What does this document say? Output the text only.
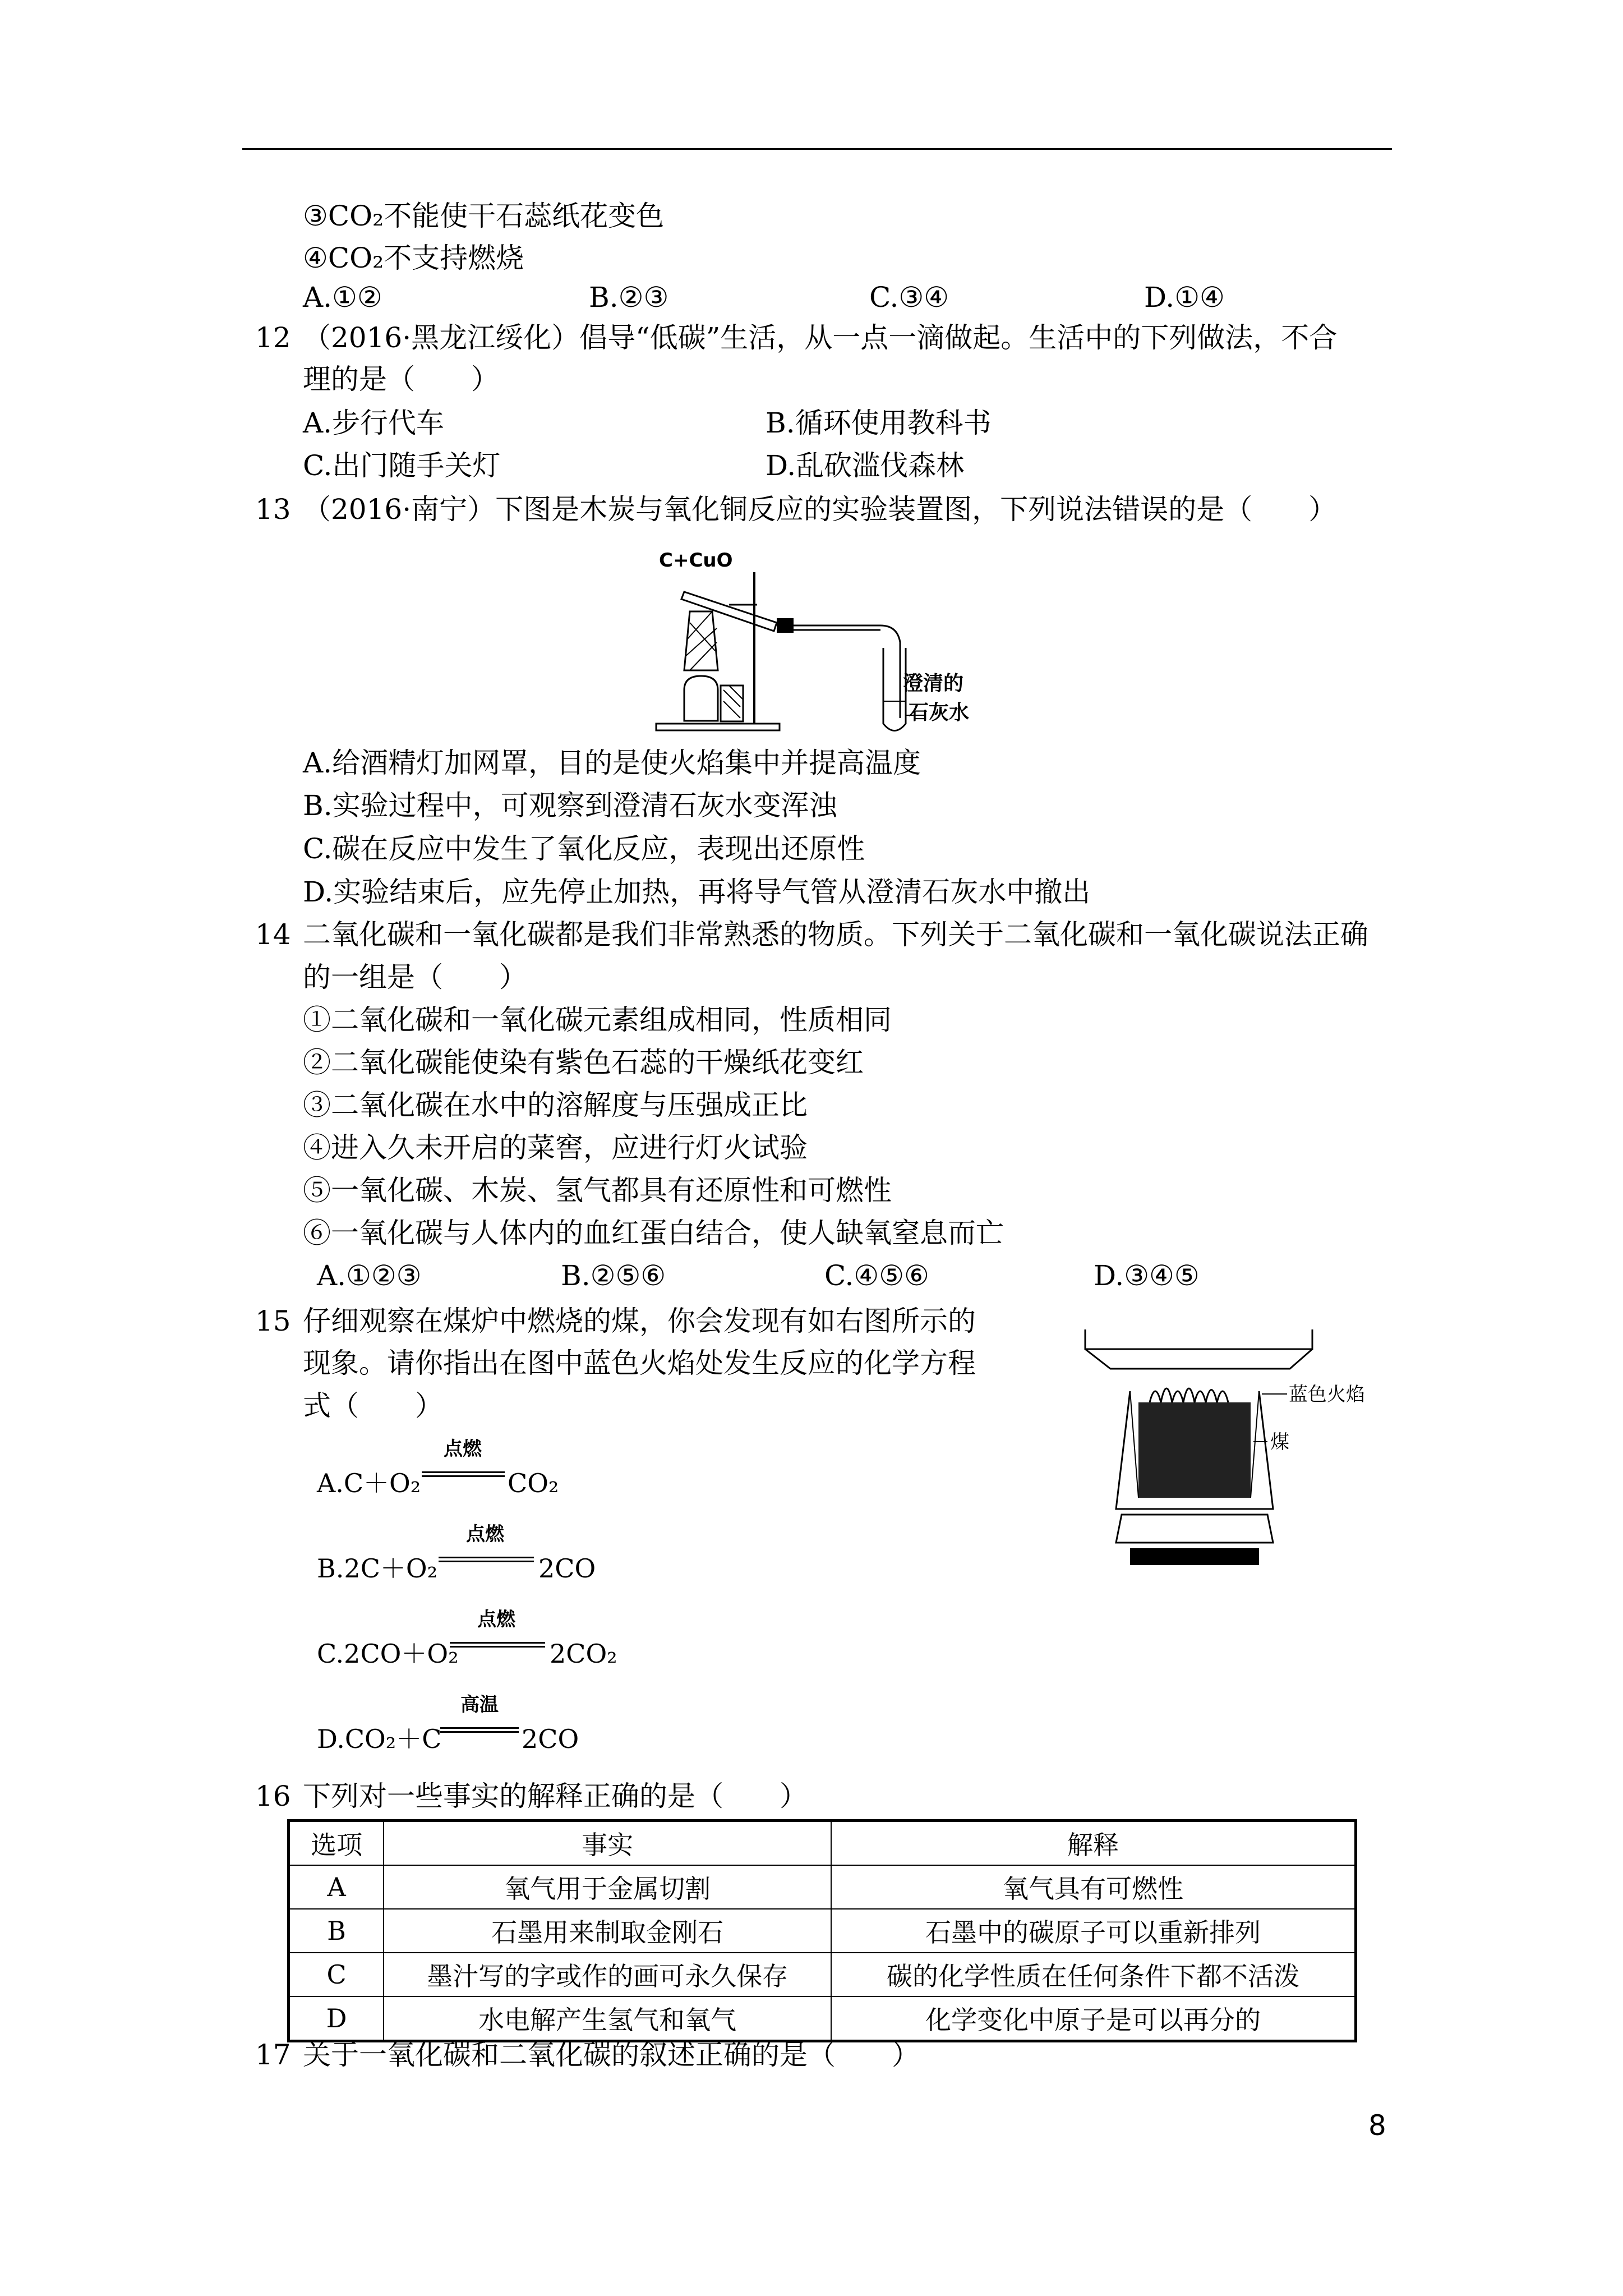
③CO₂不能使干石蕊纸花变色
④CO₂不支持燃烧
A.①②	B.②③	C.③④	D.①④
12 （2016·黑龙江绥化）倡导“低碳”生活，从一点一滴做起。生活中的下列做法，不合
理的是（　　）
A.步行代车	B.循环使用教科书
C.出门随手关灯	D.乱砍滥伐森林
13 （2016·南宁）下图是木炭与氧化铜反应的实验装置图，下列说法错误的是（　　）
C+CuO
澄清的
石灰水
A.给酒精灯加网罩，目的是使火焰集中并提高温度
B.实验过程中，可观察到澄清石灰水变浑浊
C.碳在反应中发生了氧化反应，表现出还原性
D.实验结束后，应先停止加热，再将导气管从澄清石灰水中撤出
14 二氧化碳和一氧化碳都是我们非常熟悉的物质。下列关于二氧化碳和一氧化碳说法正确
的一组是（　　）
①二氧化碳和一氧化碳元素组成相同，性质相同
②二氧化碳能使染有紫色石蕊的干燥纸花变红
③二氧化碳在水中的溶解度与压强成正比
④进入久未开启的菜窖，应进行灯火试验
⑤一氧化碳、木炭、氢气都具有还原性和可燃性
⑥一氧化碳与人体内的血红蛋白结合，使人缺氧窒息而亡
A.①②③	B.②⑤⑥	C.④⑤⑥	D.③④⑤
15 仔细观察在煤炉中燃烧的煤，你会发现有如右图所示的
现象。请你指出在图中蓝色火焰处发生反应的化学方程
式（　　）	蓝色火焰
煤
A.C＋O₂
点燃
CO₂
B.2C＋O₂
点燃
2CO
C.2CO＋O₂
点燃
2CO₂
D.CO₂＋C
高温
2CO
16 下列对一些事实的解释正确的是（　　）
选项	事实	解释
A	氧气用于金属切割	氧气具有可燃性
B	石墨用来制取金刚石	石墨中的碳原子可以重新排列
C	墨汁写的字或作的画可永久保存	碳的化学性质在任何条件下都不活泼
D	水电解产生氢气和氧气	化学变化中原子是可以再分的
17 关于一氧化碳和二氧化碳的叙述正确的是（　　）
8
